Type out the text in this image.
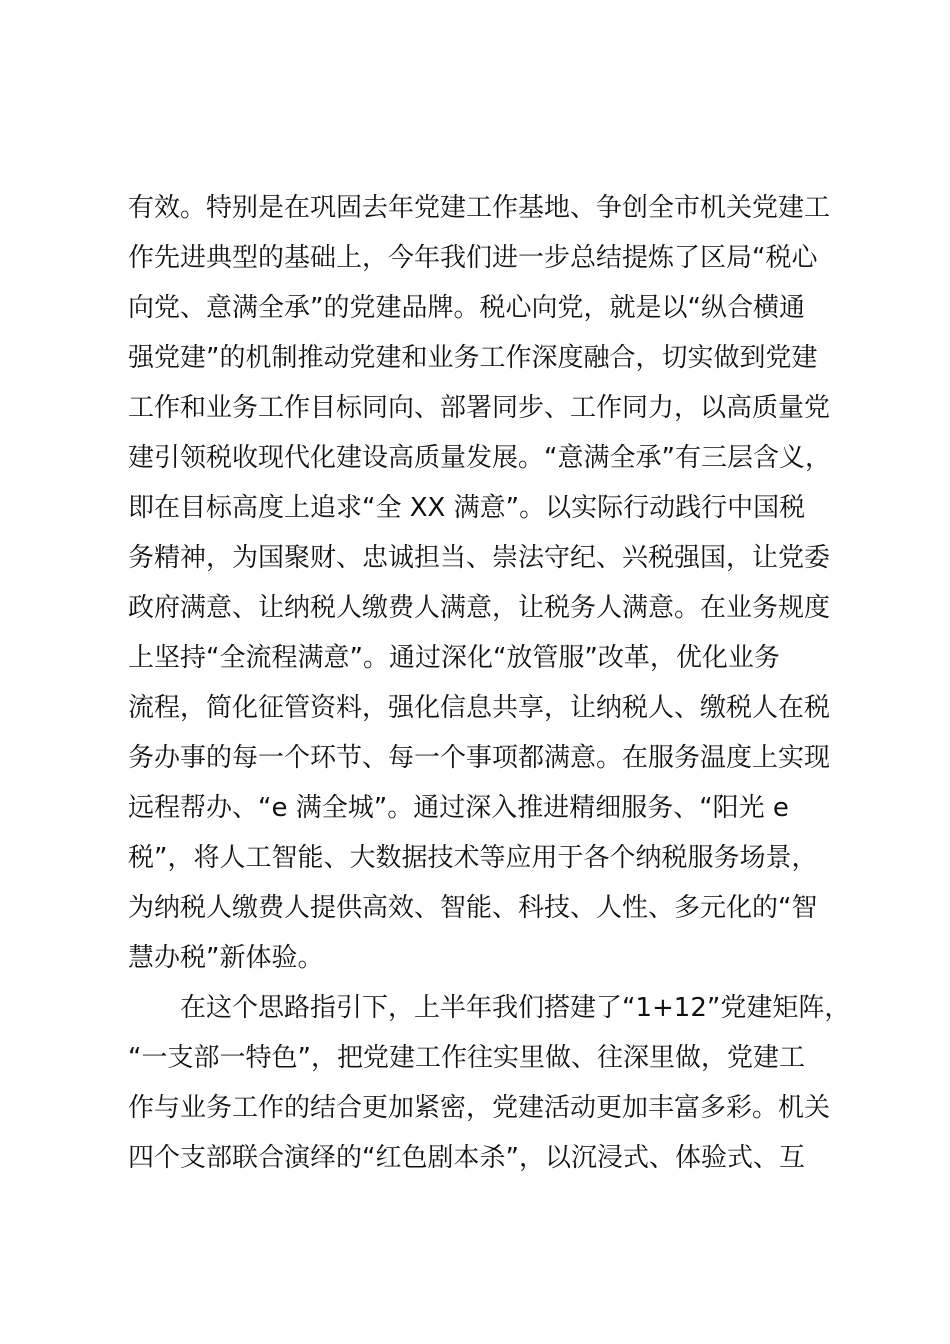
有效。特别是在巩固去年党建工作基地、争创全市机关党建工
作先进典型的基础上，今年我们进一步总结提炼了区局“税心
向党、意满全承”的党建品牌。税心向党，就是以“纵合横通
强党建”的机制推动党建和业务工作深度融合，切实做到党建
工作和业务工作目标同向、部署同步、工作同力，以高质量党
建引领税收现代化建设高质量发展。“意满全承”有三层含义，
即在目标高度上追求“全 XX 满意”。以实际行动践行中国税
务精神，为国聚财、忠诚担当、崇法守纪、兴税强国，让党委
政府满意、让纳税人缴费人满意，让税务人满意。在业务规度
上坚持“全流程满意”。通过深化“放管服”改革，优化业务
流程，简化征管资料，强化信息共享，让纳税人、缴税人在税
务办事的每一个环节、每一个事项都满意。在服务温度上实现
远程帮办、“e 满全城”。通过深入推进精细服务、“阳光 e
税”，将人工智能、大数据技术等应用于各个纳税服务场景，
为纳税人缴费人提供高效、智能、科技、人性、多元化的“智
慧办税”新体验。
　　在这个思路指引下，上半年我们搭建了“1+12”党建矩阵，
“一支部一特色”，把党建工作往实里做、往深里做，党建工
作与业务工作的结合更加紧密，党建活动更加丰富多彩。机关
四个支部联合演绎的“红色剧本杀”，以沉浸式、体验式、互
